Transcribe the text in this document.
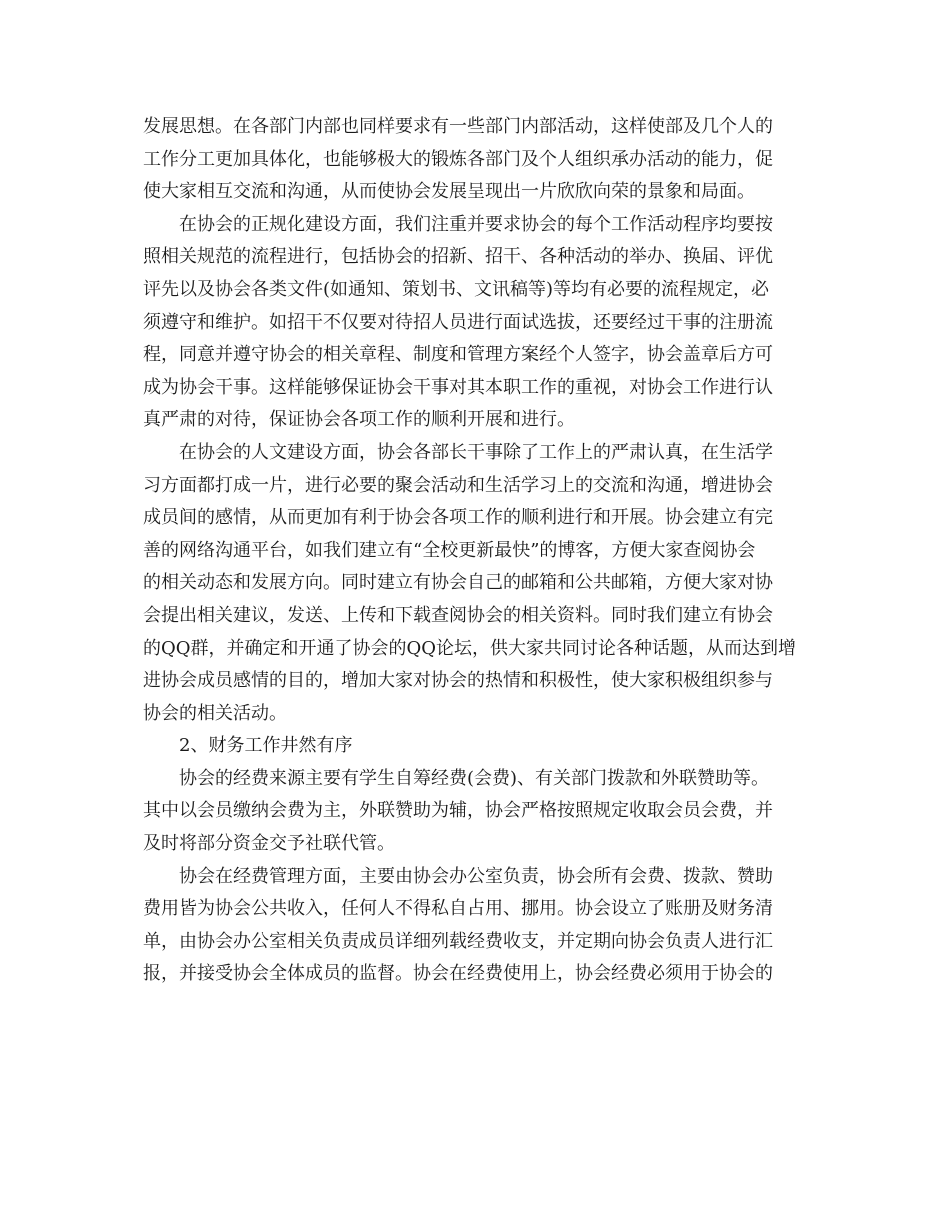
发展思想。在各部门内部也同样要求有一些部门内部活动，这样使部及几个人的
工作分工更加具体化，也能够极大的锻炼各部门及个人组织承办活动的能力，促
使大家相互交流和沟通，从而使协会发展呈现出一片欣欣向荣的景象和局面。
在协会的正规化建设方面，我们注重并要求协会的每个工作活动程序均要按
照相关规范的流程进行，包括协会的招新、招干、各种活动的举办、换届、评优
评先以及协会各类文件(如通知、策划书、文讯稿等)等均有必要的流程规定，必
须遵守和维护。如招干不仅要对待招人员进行面试选拔，还要经过干事的注册流
程，同意并遵守协会的相关章程、制度和管理方案经个人签字，协会盖章后方可
成为协会干事。这样能够保证协会干事对其本职工作的重视，对协会工作进行认
真严肃的对待，保证协会各项工作的顺利开展和进行。
在协会的人文建设方面，协会各部长干事除了工作上的严肃认真，在生活学
习方面都打成一片，进行必要的聚会活动和生活学习上的交流和沟通，增进协会
成员间的感情，从而更加有利于协会各项工作的顺利进行和开展。协会建立有完
善的网络沟通平台，如我们建立有“全校更新最快”的博客，方便大家查阅协会
的相关动态和发展方向。同时建立有协会自己的邮箱和公共邮箱，方便大家对协
会提出相关建议，发送、上传和下载查阅协会的相关资料。同时我们建立有协会
的QQ群，并确定和开通了协会的QQ论坛，供大家共同讨论各种话题，从而达到增
进协会成员感情的目的，增加大家对协会的热情和积极性，使大家积极组织参与
协会的相关活动。
2、财务工作井然有序
协会的经费来源主要有学生自筹经费(会费)、有关部门拨款和外联赞助等。
其中以会员缴纳会费为主，外联赞助为辅，协会严格按照规定收取会员会费，并
及时将部分资金交予社联代管。
协会在经费管理方面，主要由协会办公室负责，协会所有会费、拨款、赞助
费用皆为协会公共收入，任何人不得私自占用、挪用。协会设立了账册及财务清
单，由协会办公室相关负责成员详细列载经费收支，并定期向协会负责人进行汇
报，并接受协会全体成员的监督。协会在经费使用上，协会经费必须用于协会的
